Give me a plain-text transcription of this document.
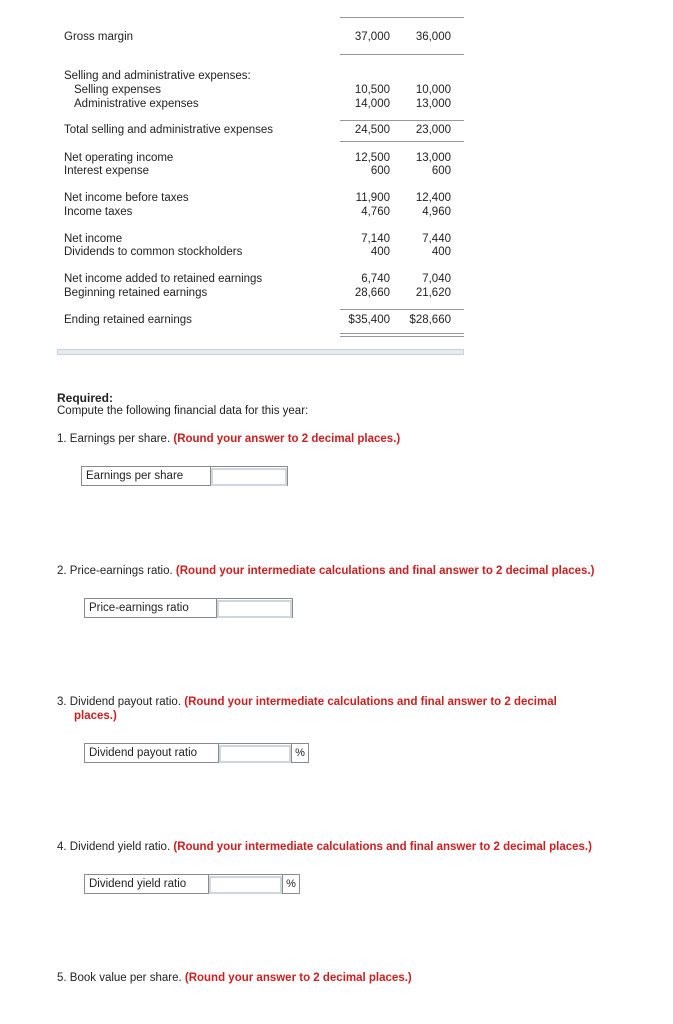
Gross margin	37,000 36,000
Selling and administrative expenses:
Selling expenses	10,500 10,000
Administrative expenses	14,000 13,000
Total selling and administrative expenses	24,500 23,000
Net operating income	12,500 13,000
Interest expense	600	600
Net income before taxes	11,900 12,400
Income taxes	4,760	4,960
Net income	7,140	7,440
Dividends to common stockholders	400	400
Net income added to retained earnings	6,740	7,040
Beginning retained earnings	28,660 21,620
Ending retained earnings	$35,400 $28,660
Required:
Compute the following financial data for this year:
1. Earnings per share. (Round your answer to 2 decimal places.)
Earnings per share
2. Price-earnings ratio. (Round your intermediate calculations and final answer to 2 decimal places.)
Price-earnings ratio
3. Dividend payout ratio. (Round your intermediate calculations and final answer to 2 decimal
places.)
Dividend payout ratio	%
4. Dividend yield ratio. (Round your intermediate calculations and final answer to 2 decimal places.)
Dividend yield ratio	%
5. Book value per share. (Round your answer to 2 decimal places.)
